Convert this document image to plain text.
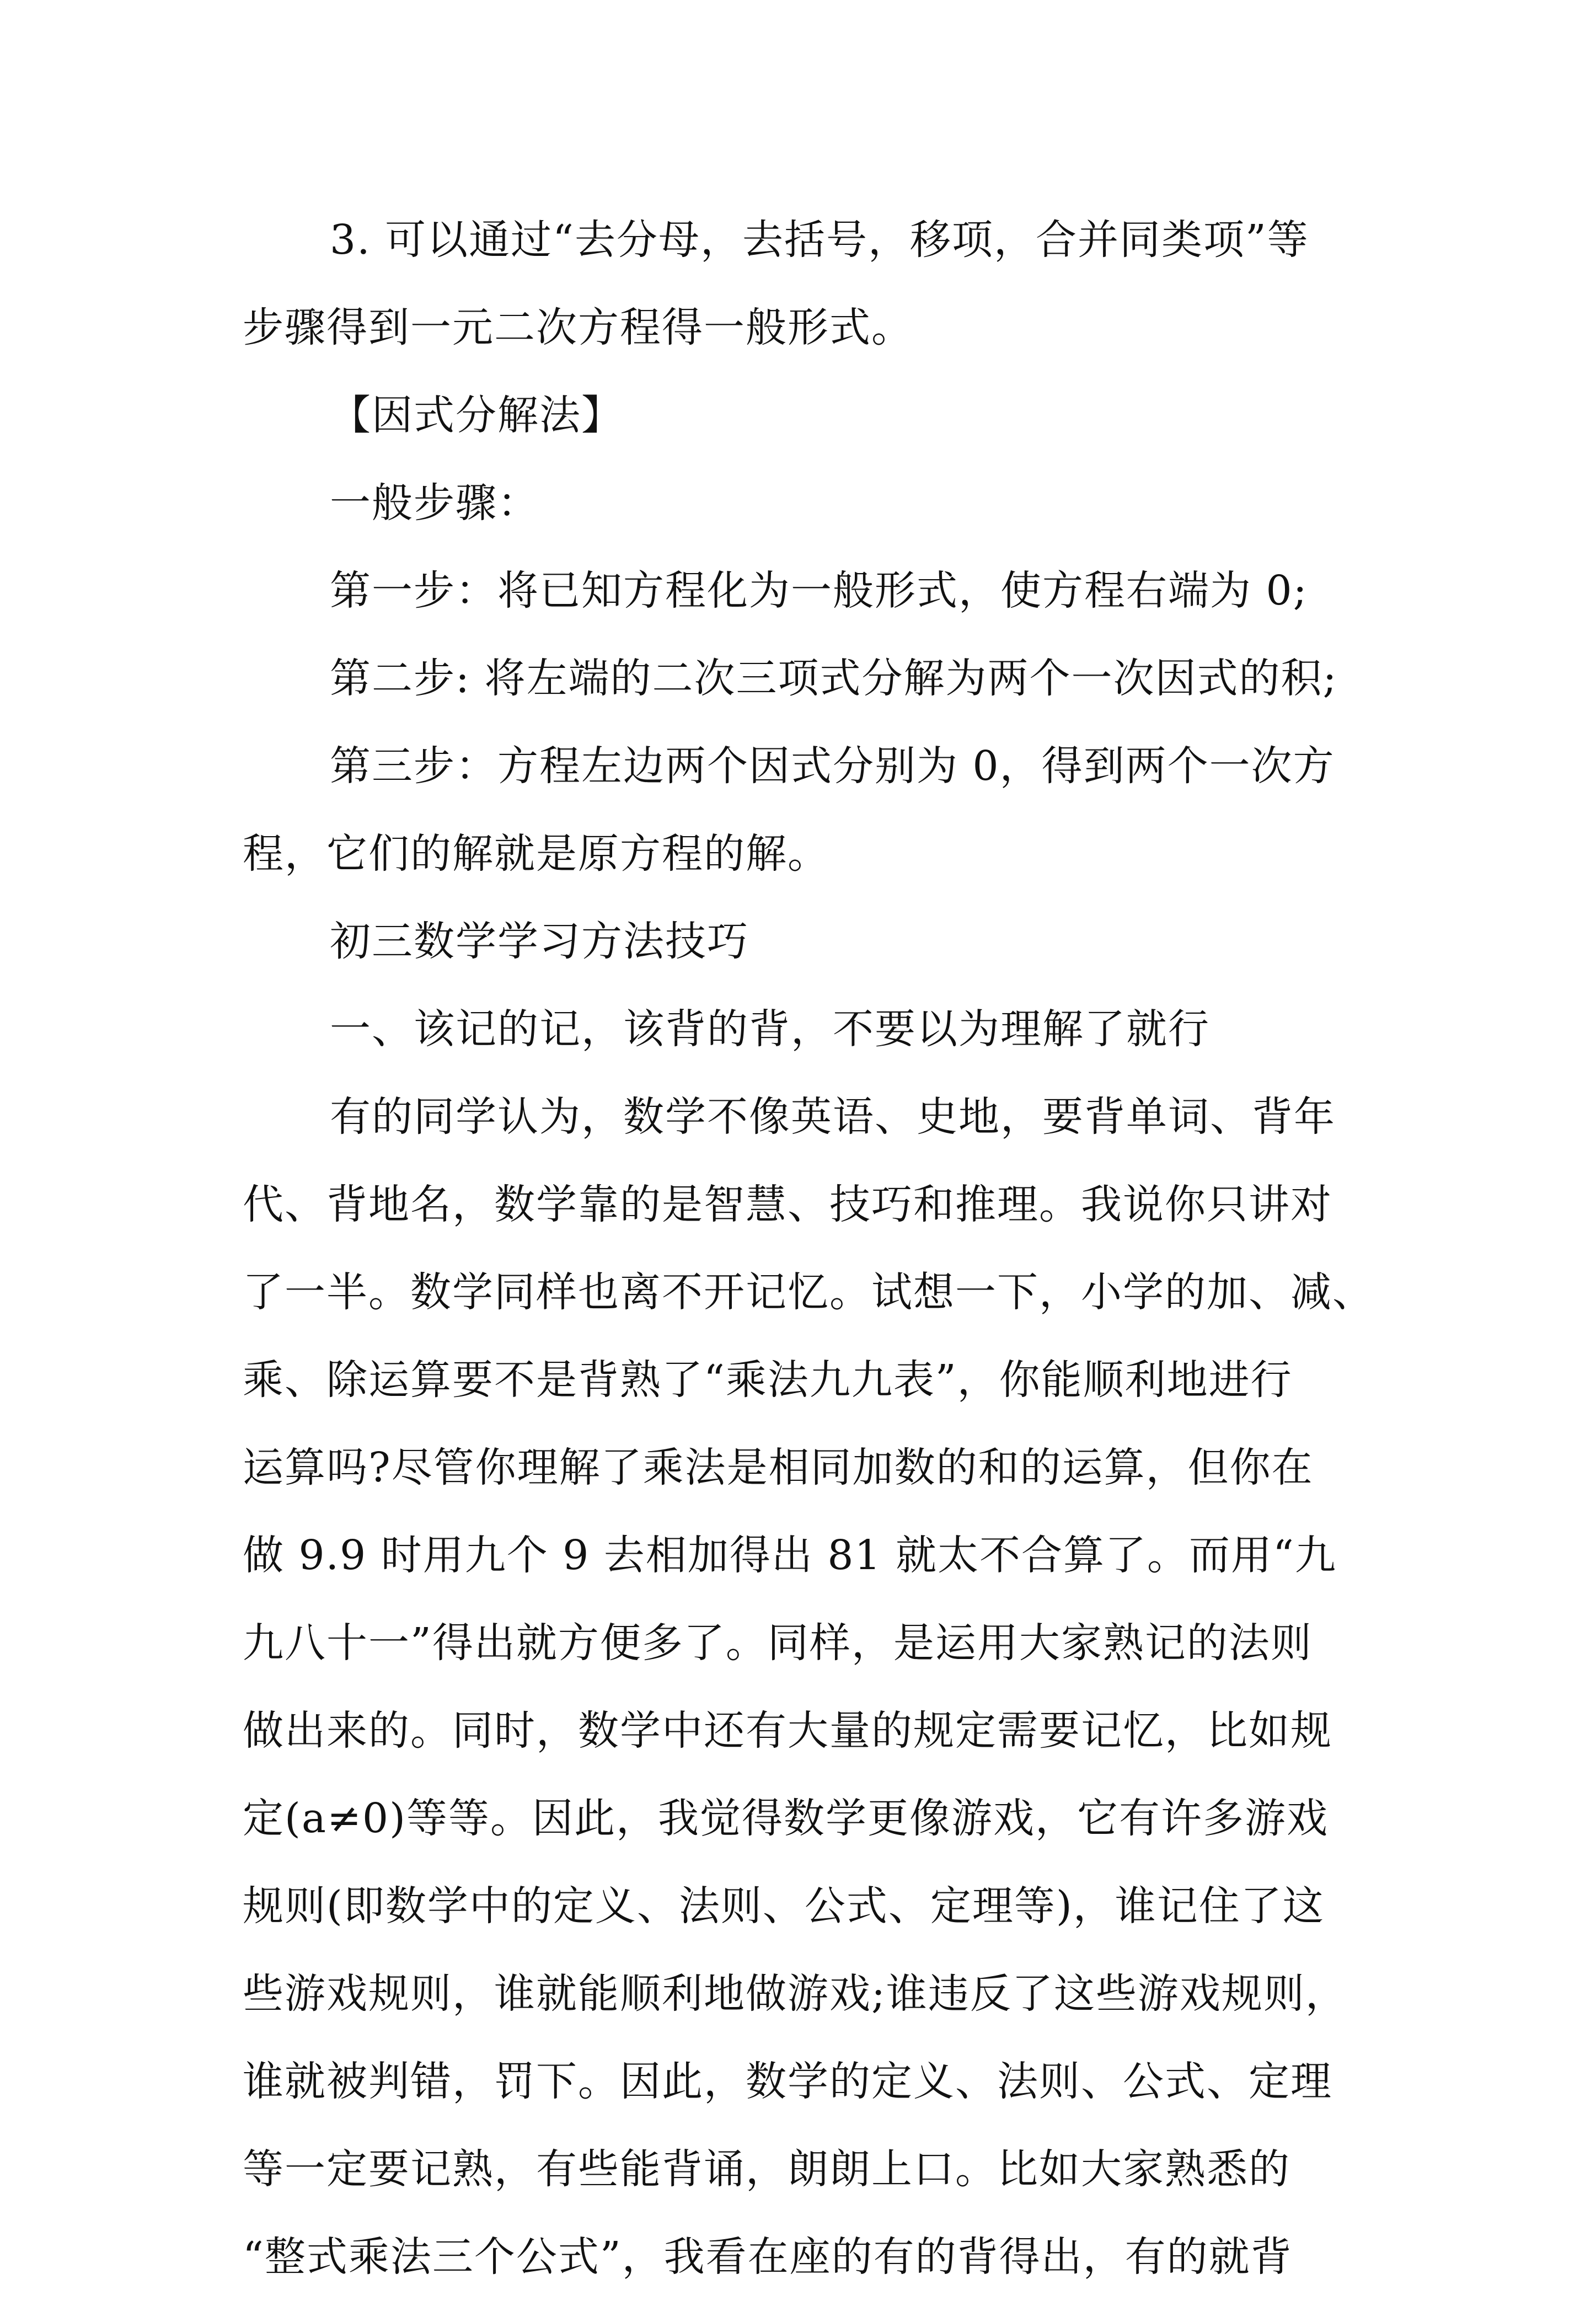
3. 可以通过“去分母，去括号，移项，合并同类项”等
步骤得到一元二次方程得一般形式。

【因式分解法】

一般步骤：

第一步：将已知方程化为一般形式，使方程右端为 0;

第二步: 将左端的二次三项式分解为两个一次因式的积;

第三步：方程左边两个因式分别为 0，得到两个一次方
程，它们的解就是原方程的解。

初三数学学习方法技巧

一、该记的记，该背的背，不要以为理解了就行

有的同学认为，数学不像英语、史地，要背单词、背年
代、背地名，数学靠的是智慧、技巧和推理。我说你只讲对
了一半。数学同样也离不开记忆。试想一下，小学的加、减、
乘、除运算要不是背熟了“乘法九九表”，你能顺利地进行
运算吗?尽管你理解了乘法是相同加数的和的运算，但你在
做 9.9 时用九个 9 去相加得出 81 就太不合算了。而用“九
九八十一”得出就方便多了。同样，是运用大家熟记的法则
做出来的。同时，数学中还有大量的规定需要记忆，比如规
定(a≠0)等等。因此，我觉得数学更像游戏，它有许多游戏
规则(即数学中的定义、法则、公式、定理等)，谁记住了这
些游戏规则，谁就能顺利地做游戏;谁违反了这些游戏规则，
谁就被判错，罚下。因此，数学的定义、法则、公式、定理
等一定要记熟，有些能背诵，朗朗上口。比如大家熟悉的
“整式乘法三个公式”，我看在座的有的背得出，有的就背
